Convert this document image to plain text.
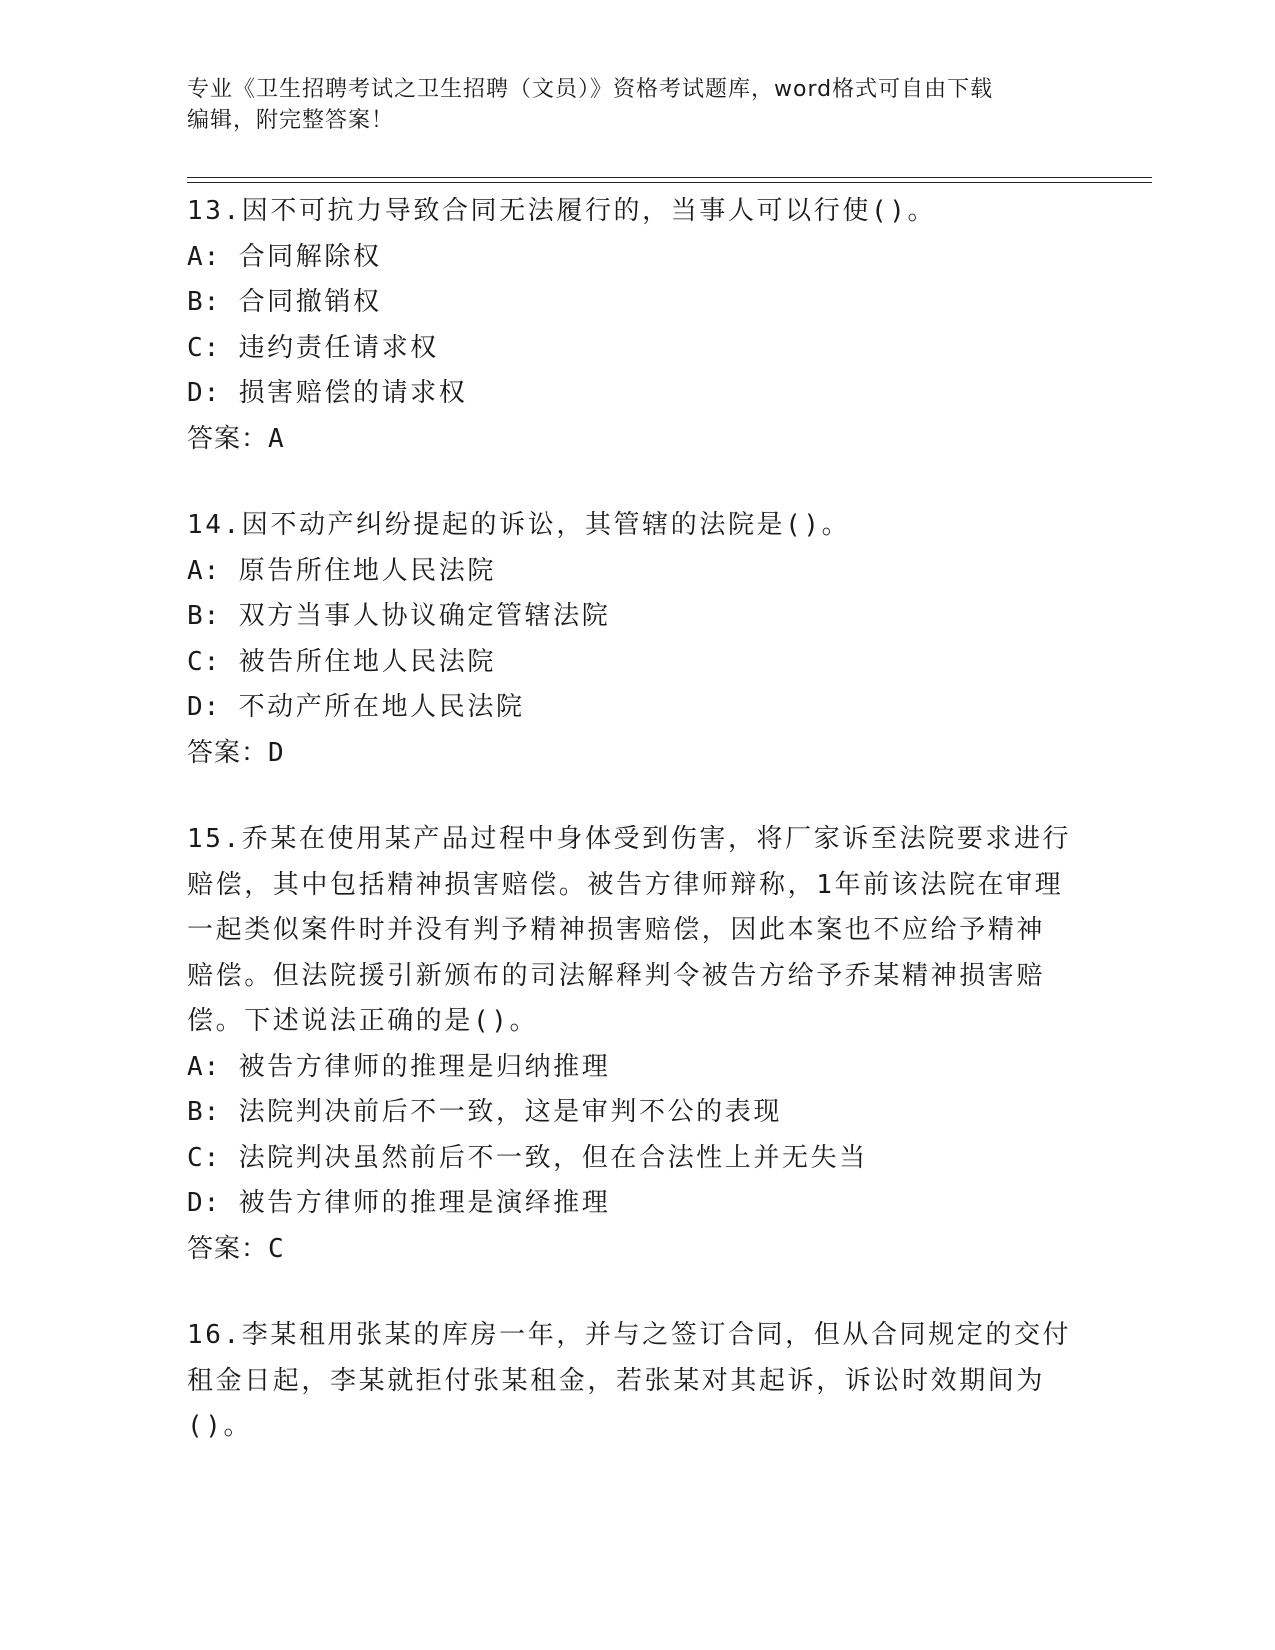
专业《卫生招聘考试之卫生招聘（文员）》资格考试题库，word格式可自由下载
编辑，附完整答案！
13.因不可抗力导致合同无法履行的，当事人可以行使()。
A: 合同解除权
B: 合同撤销权
C: 违约责任请求权
D: 损害赔偿的请求权
答案：A
14.因不动产纠纷提起的诉讼，其管辖的法院是()。
A: 原告所住地人民法院
B: 双方当事人协议确定管辖法院
C: 被告所住地人民法院
D: 不动产所在地人民法院
答案：D
15.乔某在使用某产品过程中身体受到伤害，将厂家诉至法院要求进行
赔偿，其中包括精神损害赔偿。被告方律师辩称，1年前该法院在审理
一起类似案件时并没有判予精神损害赔偿，因此本案也不应给予精神
赔偿。但法院援引新颁布的司法解释判令被告方给予乔某精神损害赔
偿。下述说法正确的是()。
A: 被告方律师的推理是归纳推理
B: 法院判决前后不一致，这是审判不公的表现
C: 法院判决虽然前后不一致，但在合法性上并无失当
D: 被告方律师的推理是演绎推理
答案：C
16.李某租用张某的库房一年，并与之签订合同，但从合同规定的交付
租金日起，李某就拒付张某租金，若张某对其起诉，诉讼时效期间为
()。
